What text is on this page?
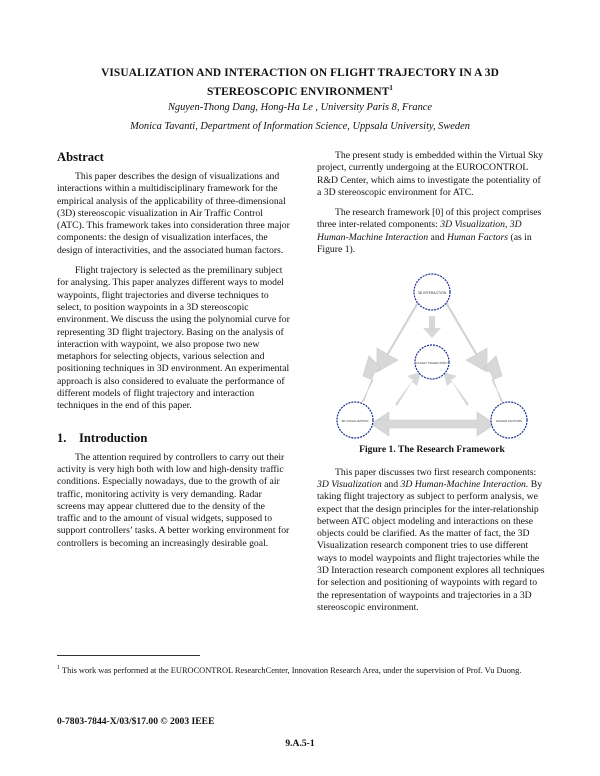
VISUALIZATION AND INTERACTION ON FLIGHT TRAJECTORY IN A 3D
STEREOSCOPIC ENVIRONMENT$^1$
Nguyen-Thong Dang, Hong-Ha Le , University Paris 8, France
Monica Tavanti, Department of Information Science, Uppsala University, Sweden
Abstract

This paper describes the design of visualizations and interactions within a multidisciplinary framework for the empirical analysis of the applicability of three-dimensional (3D) stereoscopic visualization in Air Traffic Control (ATC). This framework takes into consideration three major components: the design of visualization interfaces, the design of interactivities, and the associated human factors.

Flight trajectory is selected as the premilinary subject for analysing. This paper analyzes different ways to model waypoints, flight trajectories and diverse techniques to select, to position waypoints in a 3D stereoscopic environment. We discuss the using the polynomial curve for representing 3D flight trajectory. Basing on the analysis of interaction with waypoint, we also propose two new metaphors for selecting objects, various selection and positioning techniques in 3D environment. An experimental approach is also considered to evaluate the performance of different models of flight trajectory and interaction techniques in the end of this paper.

1. Introduction

The attention required by controllers to carry out their activity is very high both with low and high-density traffic conditions. Especially nowadays, due to the growth of air traffic, monitoring activity is very demanding. Radar screens may appear cluttered due to the density of the traffic and to the amount of visual widgets, supposed to support controllers’ tasks. A better working environment for controllers is becoming an increasingly desirable goal.

The present study is embedded within the Virtual Sky project, currently undergoing at the EUROCONTROL R&D Center, which aims to investigate the potentiality of a 3D stereoscopic environment for ATC.

The research framework [0] of this project comprises three inter-related components: 3D Visualization, 3D Human-Machine Interaction and Human Factors (as in Figure 1).

3D INTERACTION
FLIGHT TRAJECTORY
3D VISUALIZATION	HUMAN FACTORS
Figure 1. The Research Framework

This paper discusses two first research components: 3D Visualization and 3D Human-Machine Interaction. By taking flight trajectory as subject to perform analysis, we expect that the design principles for the inter-relationship between ATC object modeling and interactions on these objects could be clarified. As the matter of fact, the 3D Visualization research component tries to use different ways to model waypoints and flight trajectories while the 3D Interaction research component explores all techniques for selection and positioning of waypoints with regard to the representation of waypoints and trajectories in a 3D stereoscopic environment.

$^1$ This work was performed at the EUROCONTROL ResearchCenter, Innovation Research Area, under the supervision of Prof. Vu Duong.
0-7803-7844-X/03/$17.00 © 2003 IEEE
9.A.5-1
